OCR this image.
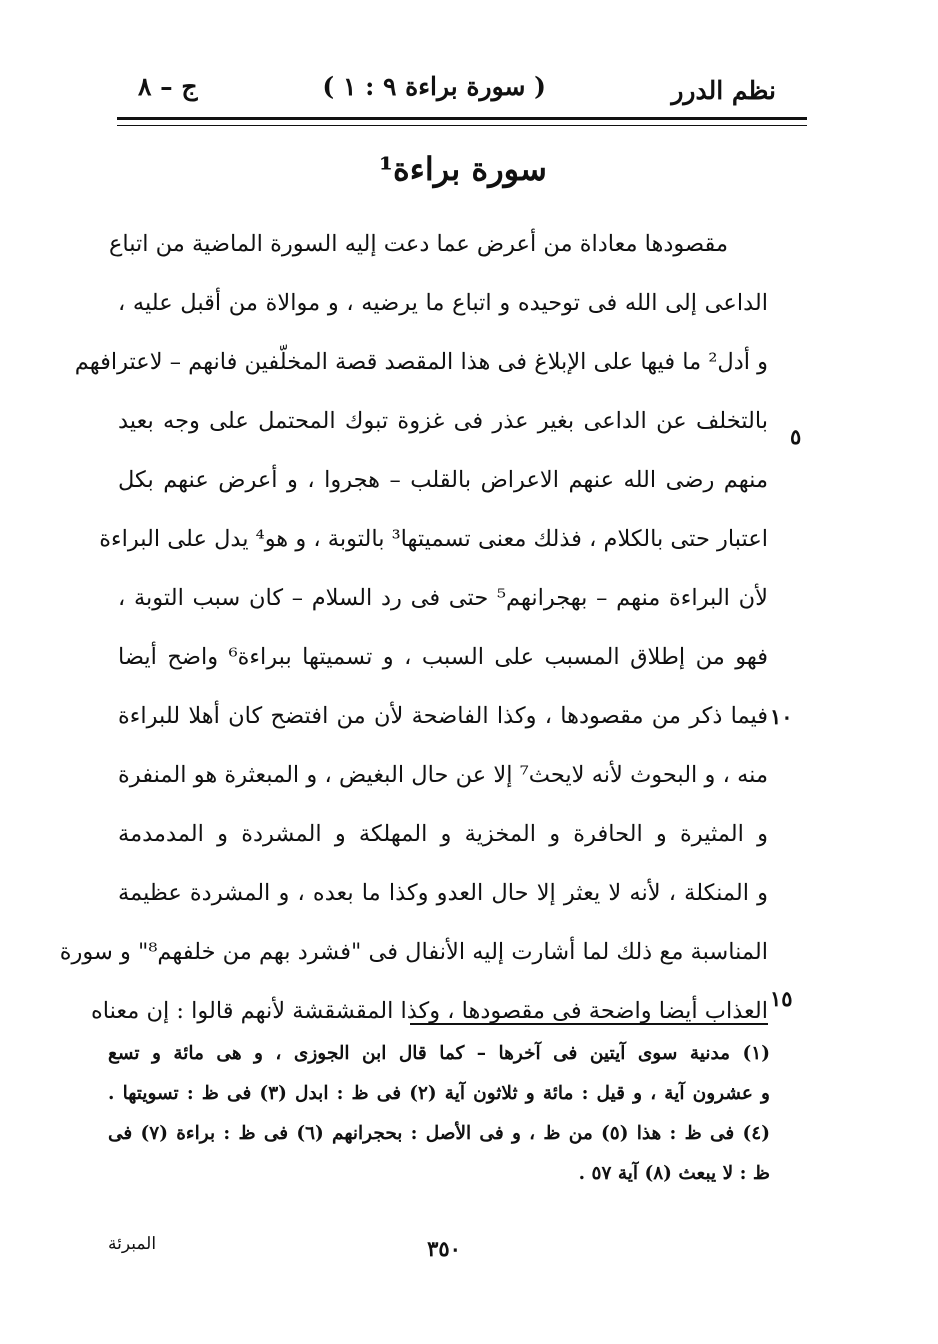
نظم الدرر
( سورة براءة ٩ : ١ )
ج – ٨
سورة براءة¹
مقصودها معاداة من أعرض عما دعت إليه السورة الماضية من اتباع
الداعى إلى الله فى توحيده و اتباع ما يرضيه ، و موالاة من أقبل عليه ،
و أدل² ما فيها على الإبلاغ فى هذا المقصد قصة المخلّفين فانهم – لاعترافهم
بالتخلف عن الداعى بغير عذر فى غزوة تبوك المحتمل على وجه بعيد
منهم رضى الله عنهم الاعراض بالقلب – هجروا ، و أعرض عنهم بكل
اعتبار حتى بالكلام ، فذلك معنى تسميتها³ بالتوبة ، و هو⁴ يدل على البراءة
لأن البراءة منهم – بهجرانهم⁵ حتى فى رد السلام – كان سبب التوبة ،
فهو من إطلاق المسبب على السبب ، و تسميتها ببراءة⁶ واضح أيضا
فيما ذكر من مقصودها ، وكذا الفاضحة لأن من افتضح كان أهلا للبراءة
منه ، و البحوث لأنه لايحث⁷ إلا عن حال البغيض ، و المبعثرة هو المنفرة
و المثيرة و الحافرة و المخزية و المهلكة و المشردة و المدمدمة
و المنكلة ، لأنه لا يعثر إلا حال العدو وكذا ما بعده ، و المشردة عظيمة
المناسبة مع ذلك لما أشارت إليه الأنفال فى "فشرد بهم من خلفهم⁸" و سورة
العذاب أيضا واضحة فى مقصودها ، وكذا المقشقشة لأنهم قالوا : إن معناه
٥
١٠
١٥
(١) مدنية سوى آيتين فى آخرها – كما قال ابن الجوزى ، و هى مائة و تسع
و عشرون آية ، و قيل : مائة و ثلاثون آية (٢) فى ظ : ابدل (٣) فى ظ : تسويتها .
(٤) فى ظ : هذا (٥) من ظ ، و فى الأصل : بحجرانهم (٦) فى ظ : براءة (٧) فى
ظ : لا يبعث (٨) آية ٥٧ .
٣٥٠
المبرئة
